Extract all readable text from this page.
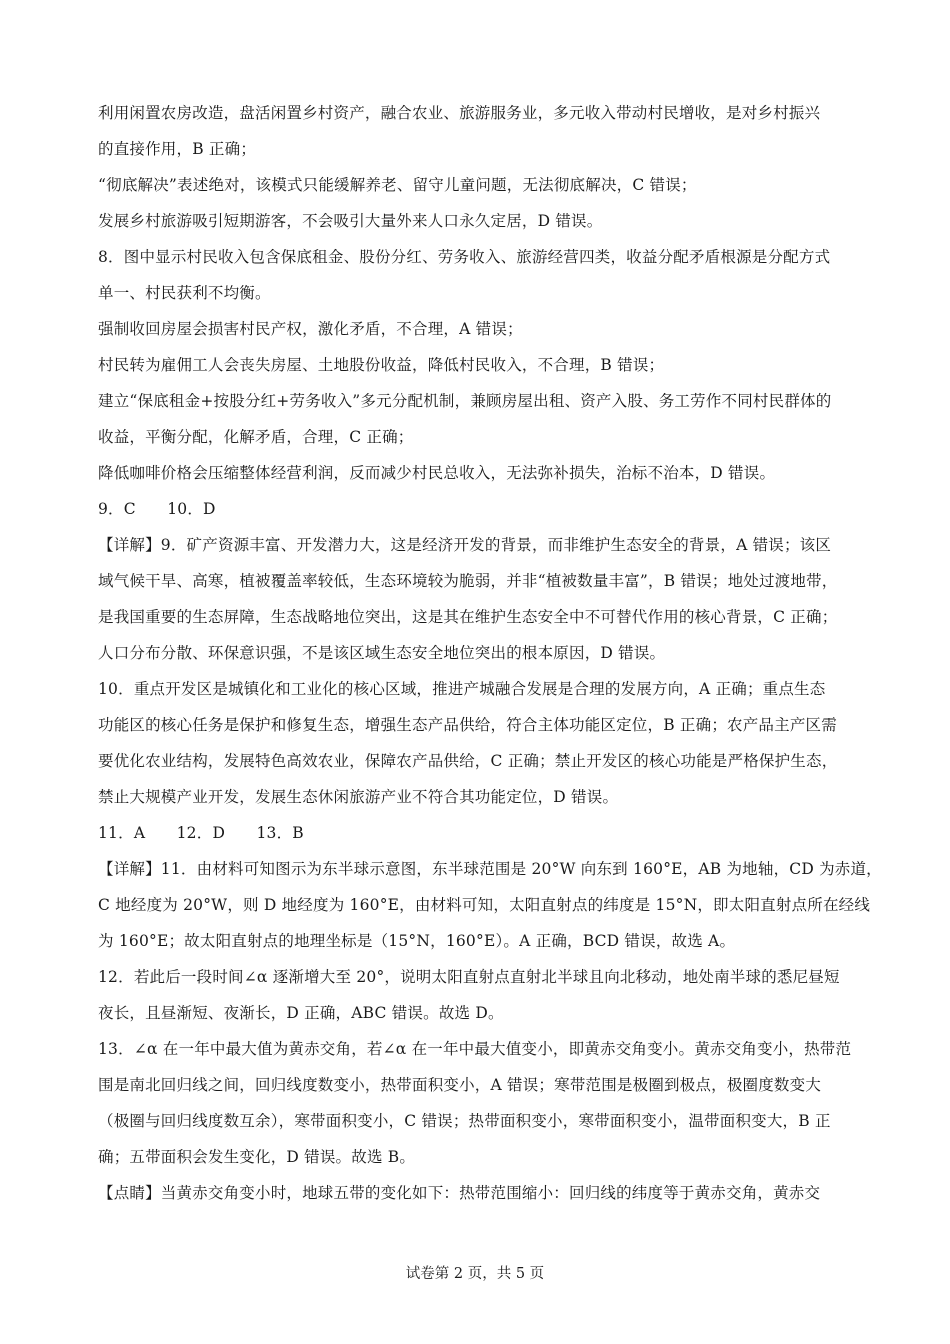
利用闲置农房改造，盘活闲置乡村资产，融合农业、旅游服务业，多元收入带动村民增收，是对乡村振兴
的直接作用，B 正确；
“彻底解决”表述绝对，该模式只能缓解养老、留守儿童问题，无法彻底解决，C 错误；
发展乡村旅游吸引短期游客，不会吸引大量外来人口永久定居，D 错误。
8．图中显示村民收入包含保底租金、股份分红、劳务收入、旅游经营四类，收益分配矛盾根源是分配方式
单一、村民获利不均衡。
强制收回房屋会损害村民产权，激化矛盾，不合理，A 错误；
村民转为雇佣工人会丧失房屋、土地股份收益，降低村民收入，不合理，B 错误；
建立“保底租金+按股分红+劳务收入”多元分配机制，兼顾房屋出租、资产入股、务工劳作不同村民群体的
收益，平衡分配，化解矛盾，合理，C 正确；
降低咖啡价格会压缩整体经营利润，反而减少村民总收入，无法弥补损失，治标不治本，D 错误。
9．C　　10．D
【详解】9．矿产资源丰富、开发潜力大，这是经济开发的背景，而非维护生态安全的背景，A 错误；该区
域气候干旱、高寒，植被覆盖率较低，生态环境较为脆弱，并非“植被数量丰富”，B 错误；地处过渡地带，
是我国重要的生态屏障，生态战略地位突出，这是其在维护生态安全中不可替代作用的核心背景，C 正确；
人口分布分散、环保意识强，不是该区域生态安全地位突出的根本原因，D 错误。
10．重点开发区是城镇化和工业化的核心区域，推进产城融合发展是合理的发展方向，A 正确；重点生态
功能区的核心任务是保护和修复生态，增强生态产品供给，符合主体功能区定位，B 正确；农产品主产区需
要优化农业结构，发展特色高效农业，保障农产品供给，C 正确；禁止开发区的核心功能是严格保护生态，
禁止大规模产业开发，发展生态休闲旅游产业不符合其功能定位，D 错误。
11．A　　12．D　　13．B
【详解】11．由材料可知图示为东半球示意图，东半球范围是 20°W 向东到 160°E，AB 为地轴，CD 为赤道，
C 地经度为 20°W，则 D 地经度为 160°E，由材料可知，太阳直射点的纬度是 15°N，即太阳直射点所在经线
为 160°E；故太阳直射点的地理坐标是（15°N，160°E）。A 正确，BCD 错误，故选 A。
12．若此后一段时间∠α 逐渐增大至 20°，说明太阳直射点直射北半球且向北移动，地处南半球的悉尼昼短
夜长，且昼渐短、夜渐长，D 正确，ABC 错误。故选 D。
13．∠α 在一年中最大值为黄赤交角，若∠α 在一年中最大值变小，即黄赤交角变小。黄赤交角变小，热带范
围是南北回归线之间，回归线度数变小，热带面积变小，A 错误；寒带范围是极圈到极点，极圈度数变大
（极圈与回归线度数互余），寒带面积变小，C 错误；热带面积变小，寒带面积变小，温带面积变大，B 正
确；五带面积会发生变化，D 错误。故选 B。
【点睛】当黄赤交角变小时，地球五带的变化如下：热带范围缩小：回归线的纬度等于黄赤交角，黄赤交
试卷第 2 页，共 5 页
